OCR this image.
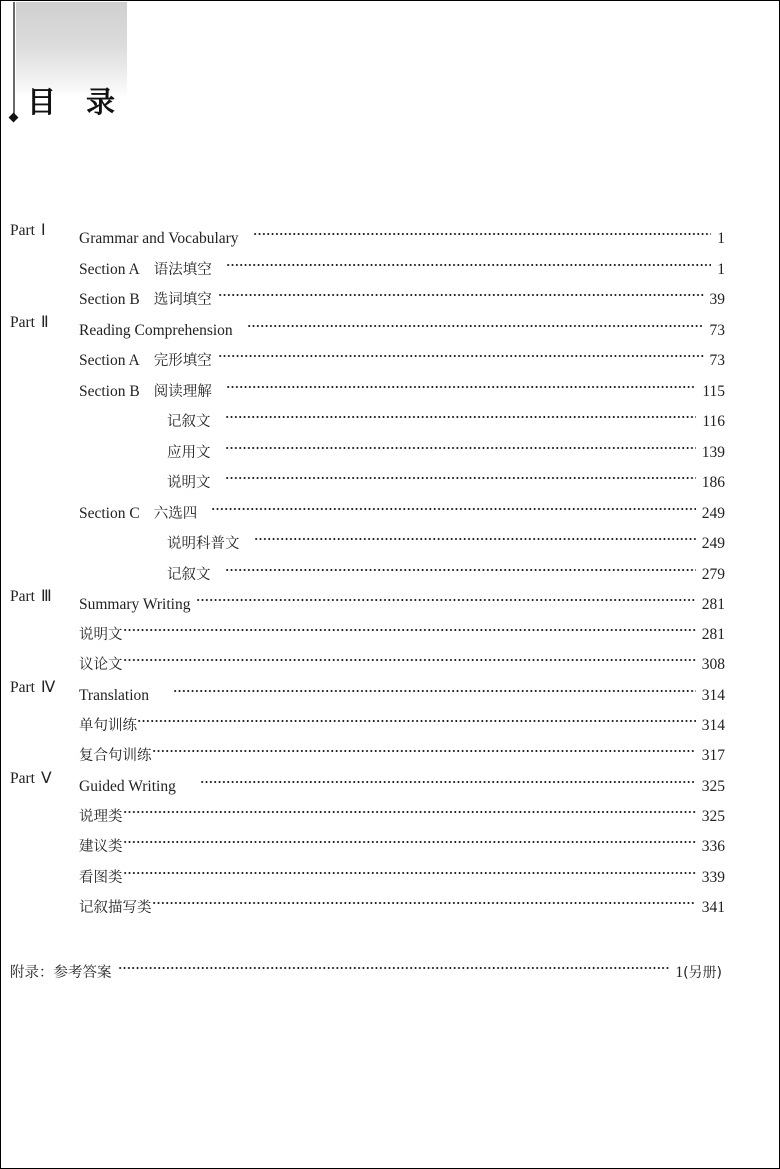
目 录
Part Ⅰ Grammar and Vocabulary	1
Section A 语法填空	1
Section B 选词填空	39
Part Ⅱ Reading Comprehension	73
Section A 完形填空	73
Section B 阅读理解	115
记叙文	116
应用文	139
说明文	186
Section C 六选四	249
说明科普文	249
记叙文	279
Part Ⅲ Summary Writing	281
说明文	281
议论文	308
Part Ⅳ Translation	314
单句训练	314
复合句训练	317
Part Ⅴ Guided Writing	325
说理类	325
建议类	336
看图类	339
记叙描写类	341
附录：参考答案	1(另册)
